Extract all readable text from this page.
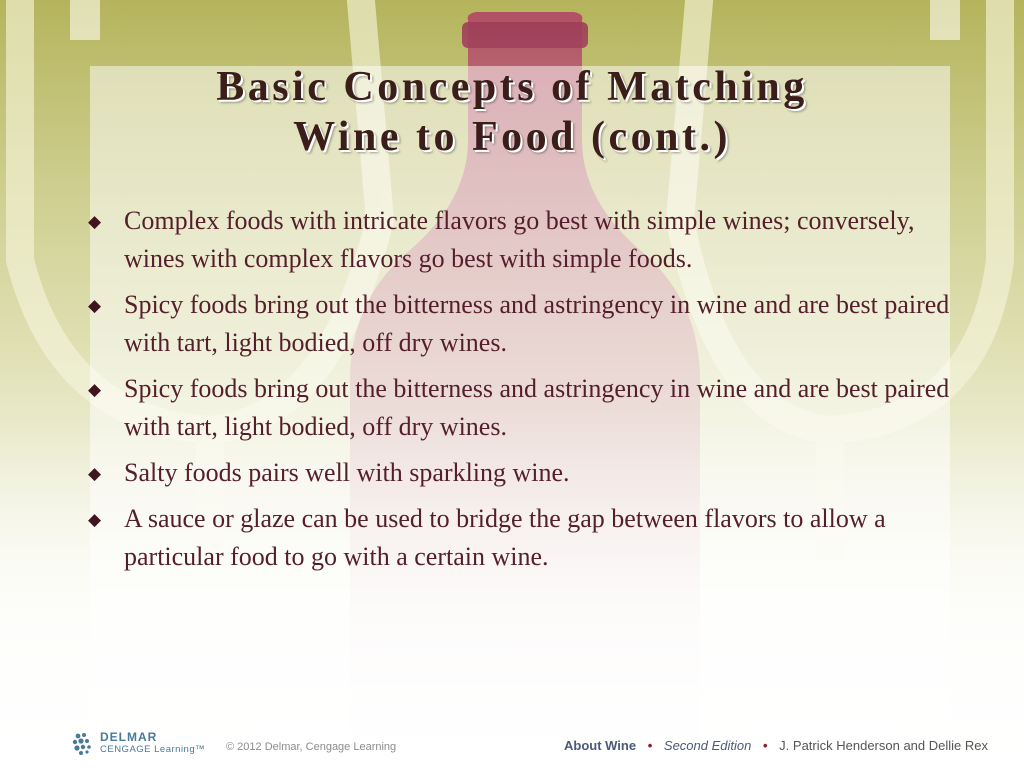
Basic Concepts of Matching
Wine to Food (cont.)
◆ Complex foods with intricate flavors go best with simple wines; conversely, wines with complex flavors go best with simple foods.
◆ Spicy foods bring out the bitterness and astringency in wine and are best paired with tart, light bodied, off dry wines.
◆ Spicy foods bring out the bitterness and astringency in wine and are best paired with tart, light bodied, off dry wines.
◆ Salty foods pairs well with sparkling wine.
◆ A sauce or glaze can be used to bridge the gap between flavors to allow a particular food to go with a certain wine.
DELMAR
CENGAGE Learning™ © 2012 Delmar, Cengage Learning	About Wine • Second Edition • J. Patrick Henderson and Dellie Rex
